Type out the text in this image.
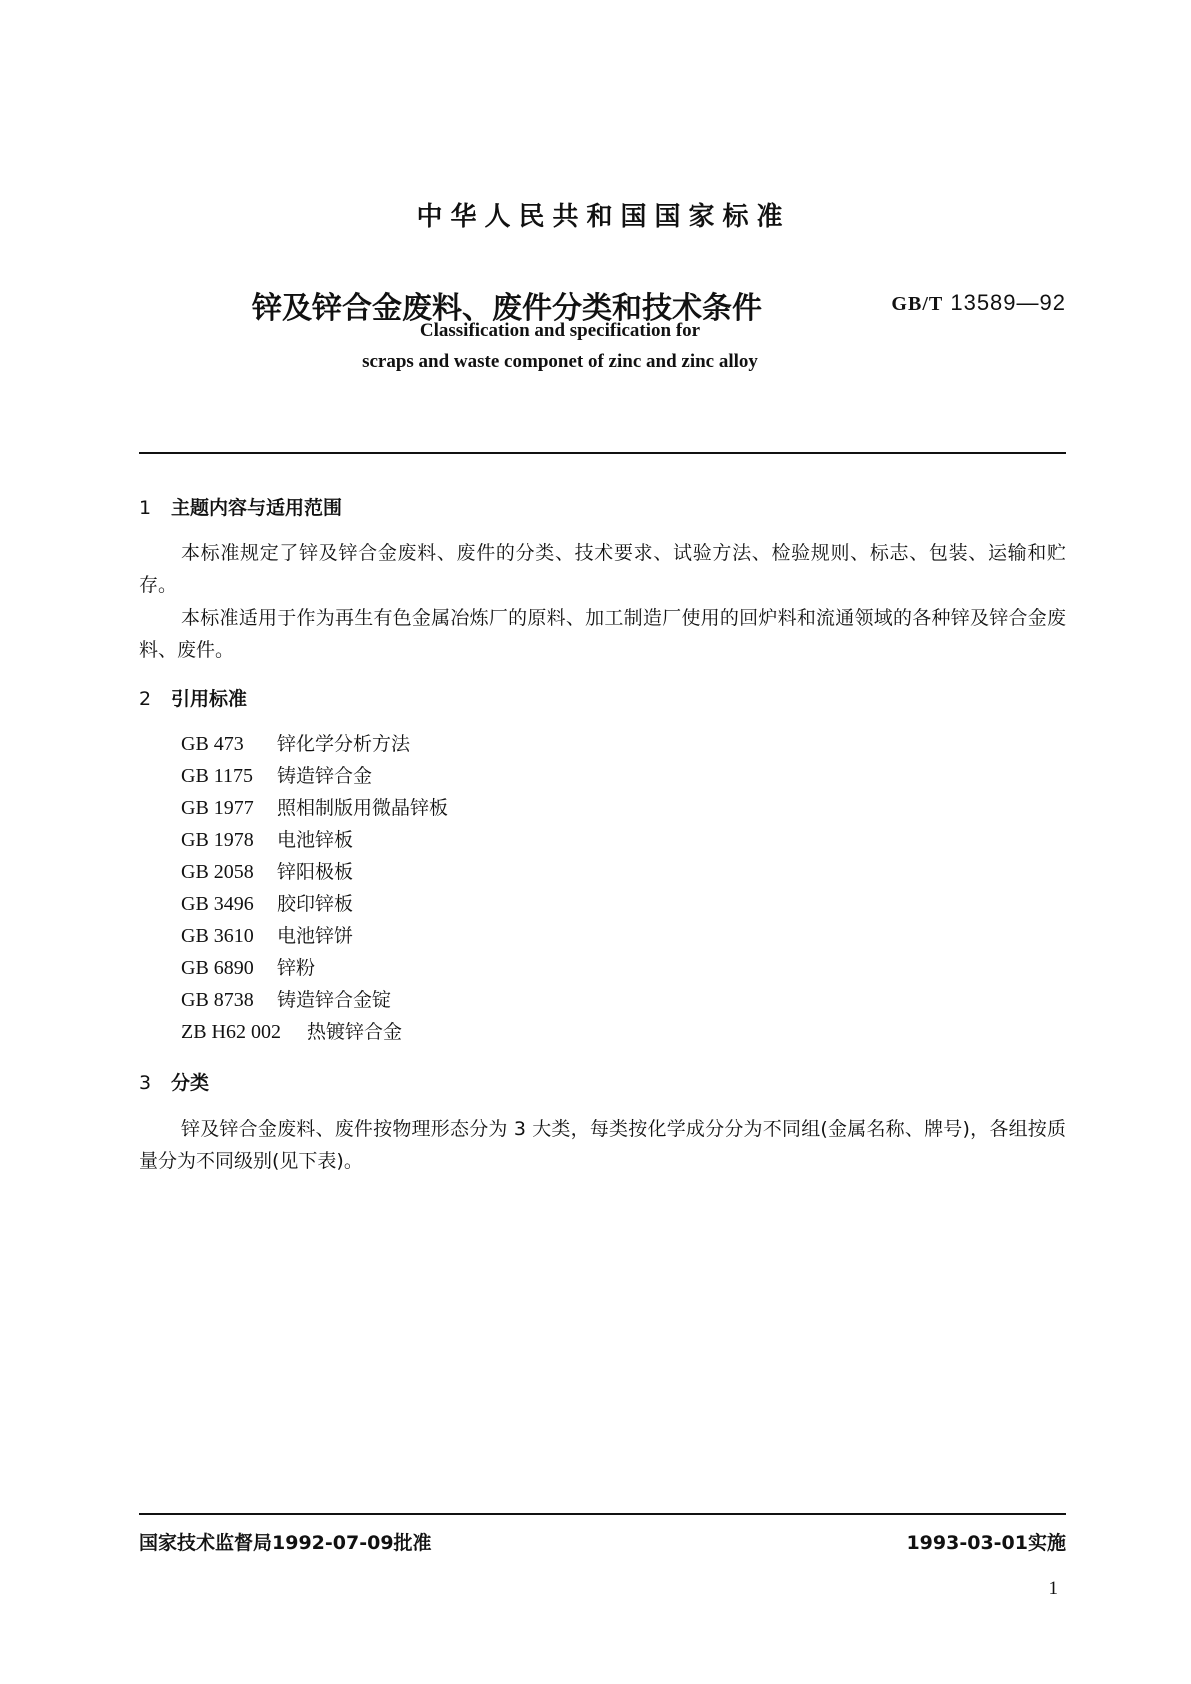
中华人民共和国国家标准
锌及锌合金废料、废件分类和技术条件	GB/T 13589—92
Classification and specification for
scraps and waste componet of zinc and zinc alloy
1 主题内容与适用范围

本标准规定了锌及锌合金废料、废件的分类、技术要求、试验方法、检验规则、标志、包装、运输和贮存。

本标准适用于作为再生有色金属冶炼厂的原料、加工制造厂使用的回炉料和流通领域的各种锌及锌合金废料、废件。

2 引用标准
GB 473 锌化学分析方法
GB 1175 铸造锌合金
GB 1977 照相制版用微晶锌板
GB 1978 电池锌板
GB 2058 锌阳极板
GB 3496 胶印锌板
GB 3610 电池锌饼
GB 6890 锌粉
GB 8738 铸造锌合金锭
ZB H62 002 热镀锌合金
3 分类

锌及锌合金废料、废件按物理形态分为 3 大类，每类按化学成分分为不同组(金属名称、牌号)，各组按质量分为不同级别(见下表)。

国家技术监督局1992-07-09批准	1993-03-01实施
1
